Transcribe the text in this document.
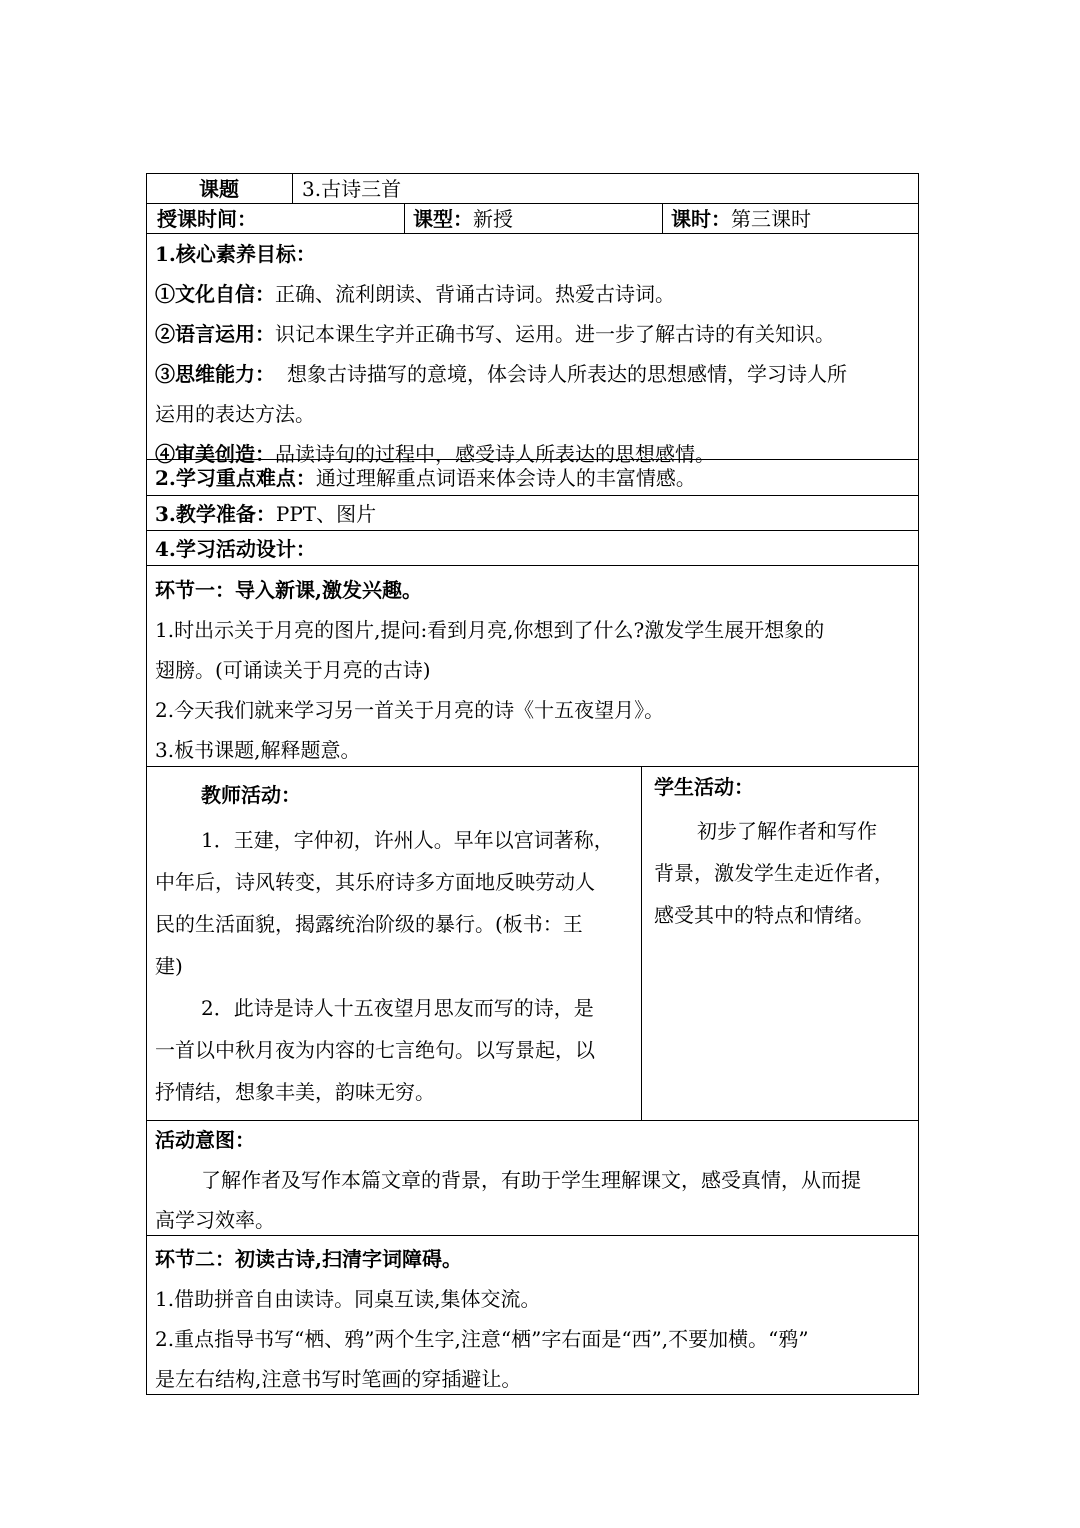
课题	3.古诗三首

授课时间：	课型：新授	课时：第三课时

1.核心素养目标：

①文化自信：正确、流利朗读、背诵古诗词。热爱古诗词。

②语言运用：识记本课生字并正确书写、运用。进一步了解古诗的有关知识。

③思维能力： 想象古诗描写的意境，体会诗人所表达的思想感情，学习诗人所

运用的表达方法。

④审美创造：品读诗句的过程中，感受诗人所表达的思想感情。

2.学习重点难点：通过理解重点词语来体会诗人的丰富情感。

3.教学准备：PPT、图片

4.学习活动设计：

环节一：导入新课,激发兴趣。

1.时出示关于月亮的图片,提问:看到月亮,你想到了什么?激发学生展开想象的

翅膀。(可诵读关于月亮的古诗)

2.今天我们就来学习另一首关于月亮的诗《十五夜望月》。

3.板书课题,解释题意。

教师活动：

1．王建，字仲初，许州人。早年以宫词著称，

中年后，诗风转变，其乐府诗多方面地反映劳动人

民的生活面貌，揭露统治阶级的暴行。(板书：王

建)

2．此诗是诗人十五夜望月思友而写的诗，是

一首以中秋月夜为内容的七言绝句。以写景起，以

抒情结，想象丰美，韵味无穷。

学生活动：

初步了解作者和写作

背景，激发学生走近作者，

感受其中的特点和情绪。

活动意图：

了解作者及写作本篇文章的背景，有助于学生理解课文，感受真情，从而提

高学习效率。

环节二：初读古诗,扫清字词障碍。

1.借助拼音自由读诗。同桌互读,集体交流。

2.重点指导书写“栖、鸦”两个生字,注意“栖”字右面是“西”,不要加横。“鸦”

是左右结构,注意书写时笔画的穿插避让。
